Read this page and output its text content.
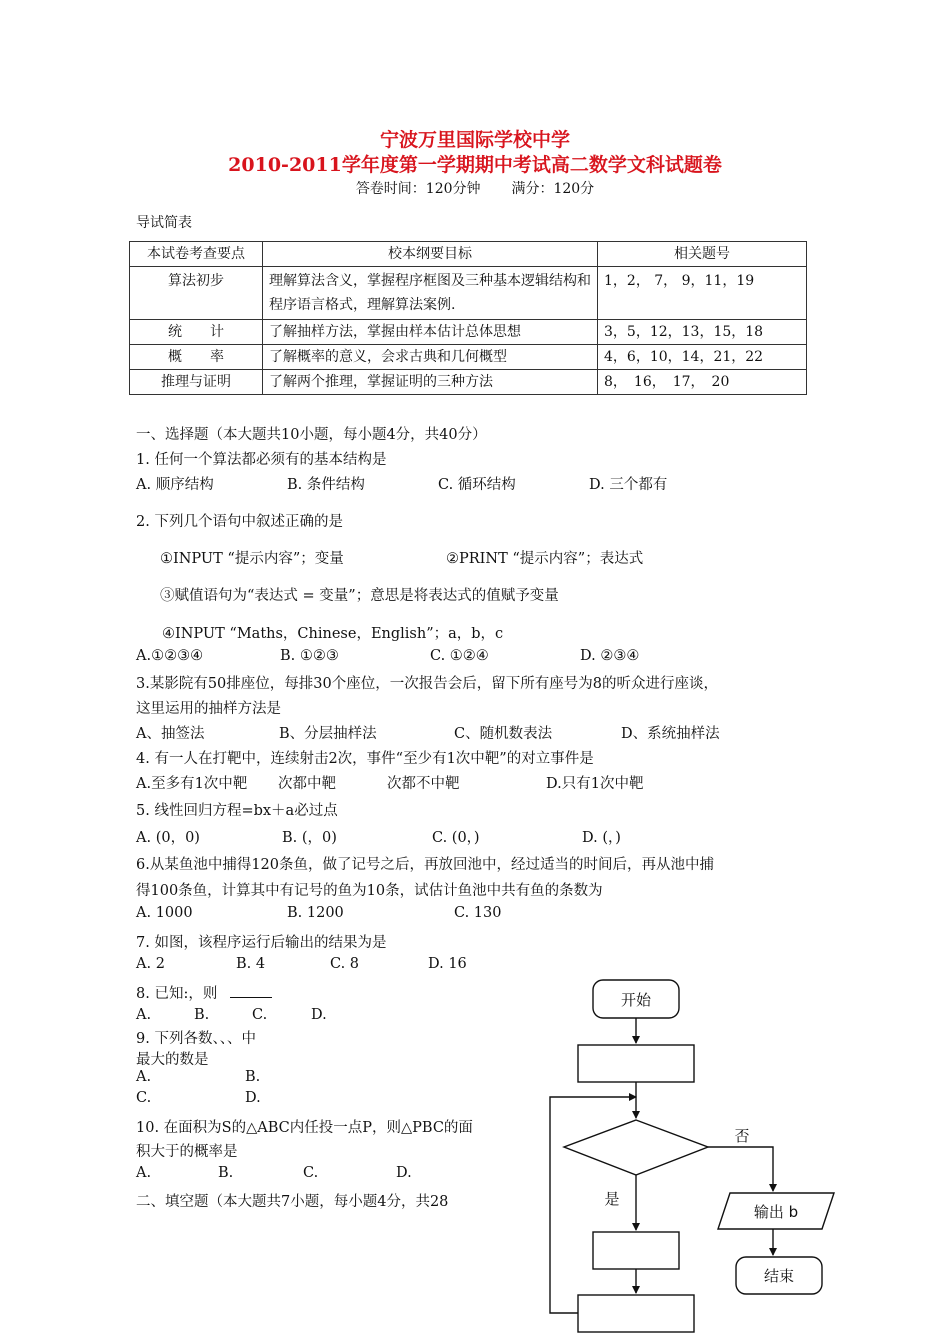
宁波万里国际学校中学
2010-2011学年度第一学期期中考试高二数学文科试题卷
答卷时间：120分钟 满分：120分
导试简表
本试卷考查要点	校本纲要目标	相关题号
算法初步	理解算法含义，掌握程序框图及三种基本逻辑结构和程序语言格式，理解算法案例.	1，2， 7， 9，11，19
统　　计	了解抽样方法，掌握由样本估计总体思想	3，5，12，13，15，18
概　　率	了解概率的意义，会求古典和几何概型	4，6，10，14，21，22
推理与证明	了解两个推理，掌握证明的三种方法	8，　16，　17，　20
一、选择题（本大题共10小题，每小题4分，共40分）
1. 任何一个算法都必须有的基本结构是
A. 顺序结构	B. 条件结构	C. 循环结构	D. 三个都有
2. 下列几个语句中叙述正确的是
①INPUT “提示内容”；变量	②PRINT “提示内容”；表达式
③赋值语句为“表达式 = 变量”；意思是将表达式的值赋予变量
④INPUT “Maths，Chinese，English”；a，b，c
A.①②③④	B. ①②③	C. ①②④	D. ②③④
3.某影院有50排座位，每排30个座位，一次报告会后，留下所有座号为8的听众进行座谈，
这里运用的抽样方法是
A、抽签法	B、分层抽样法	C、随机数表法	D、系统抽样法
4. 有一人在打靶中，连续射击2次，事件“至少有1次中靶”的对立事件是
A.至多有1次中靶 次都中靶	次都不中靶	D.只有1次中靶
5. 线性回归方程=bx＋a必过点
A. (0，0)	B. (，0)	C. (0，)	D. (，)
6.从某鱼池中捕得120条鱼，做了记号之后，再放回池中，经过适当的时间后，再从池中捕
得100条鱼，计算其中有记号的鱼为10条，试估计鱼池中共有鱼的条数为
A. 1000	B. 1200	C. 130
7. 如图，该程序运行后输出的结果为是
A. 2	B. 4	C. 8	D. 16
8. 已知:，则
A.	B.	C.	D.
9. 下列各数、、、中
最大的数是
A.	B.
C.	D.
10. 在面积为S的△ABC内任投一点P，则△PBC的面
积大于的概率是
A.	B.	C.	D.
二、填空题（本大题共7小题，每小题4分，共28
开始
否
是
输出 b
结束
